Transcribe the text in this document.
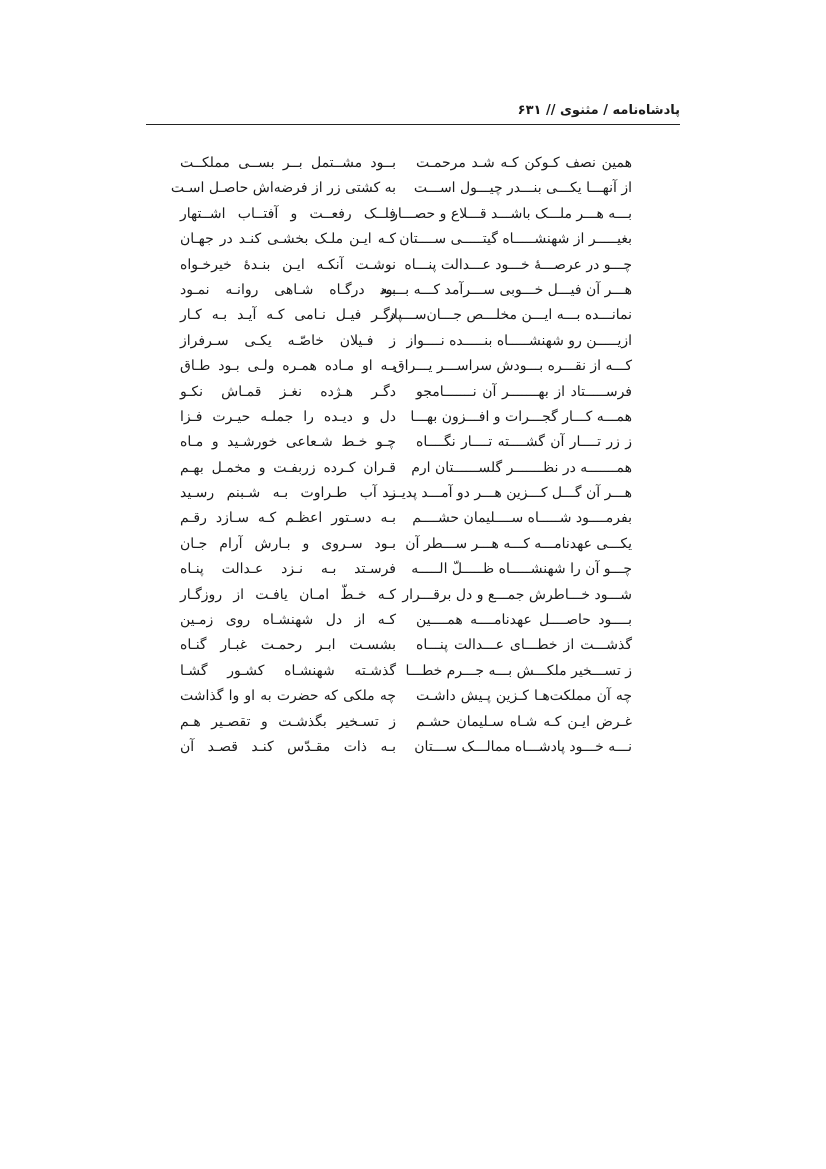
پادشاه‌نامه / مثنوی // ۶۳۱
همین نصف کـوکن کـه شـد مرحمـت
از آنهـــا یکـــی بنـــدر چیـــول اســـت
بـــه هـــر ملـــک باشـــد قـــلاع و حصـــار
بغیـــــر از شهنشـــــاه گیتـــــی ســــتان
چـــو در عرصـــهٔ خـــود عـــدالت پنـــاه
هـــر آن فیـــل خـــوبی ســـرآمد کـــه بـــود
نمانـــده بـــه ایـــن مخلـــص جـــان‌ســـپار
ازیـــــن رو شهنشـــــاه بنـــــده نــــواز
کـــه از نقـــره بـــودش سراســـر یـــراق
فرســـــتاد از بهـــــــر آن نـــــــامجو
همـــه کـــار گجـــرات و افـــزون بهـــا
ز زر تــــار آن گشــــته تــــار نگــــاه
همـــــــه در نظـــــــر گلســــــتان ارم
هـــر آن گـــل کـــزین هـــر دو آمـــد پدیـــد
بفرمــــود شـــــاه ســــلیمان حشــــم
یکـــی عهدنامـــه کـــه هـــر ســـطر آن
چـــو آن را شهنشـــــاه ظـــــلّ الـــــه
شـــود خـــاطرش جمـــع و دل برقـــرار
بــــود حاصــــل عهدنامــــه همــــین
گذشـــت از خطـــای عـــدالت پنـــاه
ز تســـخیر ملکـــش بـــه جـــرم خطـــا
چه آن مملکت‌هـا کـزین پـیش داشـت
غـرض ایـن کـه شـاه سـلیمان حشـم
نـــه خـــود پادشـــاه ممالـــک ســـتان
بــود مشــتمل بــر بســی مملکــت
به کشتی زر از فرضه‌اش حاصـل اسـت
فلــک رفعــت و آفتــاب اشــتهار
کـه ایـن ملـک بخشـی کنـد در جهـان
نوشـت آنکـه ایـن بنـدهٔ خیرخـواه
بـه درگـاه شـاهی روانـه نمـود
دگـر فیـل نـامی کـه آیـد بـه کـار
ز فـیلان خاصّـه یکـی سـرفراز
بـه او مـاده همـره ولـی بـود طـاق
دگـر هـژده نغـز قمـاش نکـو
دل و دیـده را جملـه حیـرت فـزا
چـو خـط شـعاعی خورشـید و مـاه
قـران کـرده زربفـت و مخمـل بهـم
ز آب طـراوت بـه شـبنم رسـید
بـه دسـتور اعظـم کـه سـازد رقـم
بـود سـروی و بـارش آرام جـان
فرسـتد بـه نـزد عـدالت پنـاه
کـه خـطّ امـان یافـت از روزگـار
کـه از دل شهنشـاه روی زمـین
بشسـت ابـر رحمـت غبـار گنـاه
گذشـته شهنشـاه کشـور گشـا
چه ملکی که حضرت به او وا گذاشت
ز تسـخیر بگذشـت و تقصـیر هـم
بـه ذات مقـدّس کنـد قصـد آن
